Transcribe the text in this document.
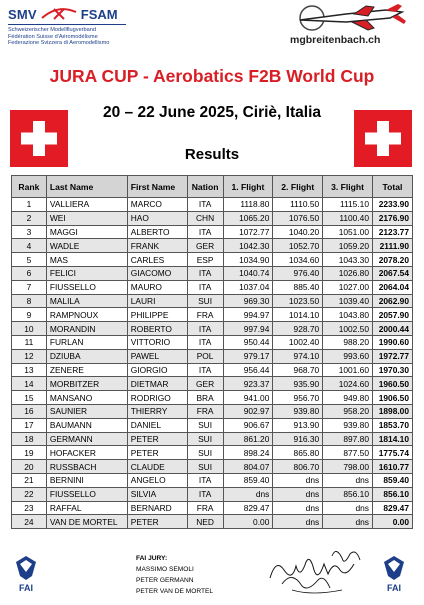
SMV	FSAM
Schweizerischer Modellflugverband
Fédération Suisse d'Aéromodélisme
Federazione Svizzera di Aeromodellismo	mgbreitenbach.ch
JURA CUP - Aerobatics F2B World Cup
20 – 22 June 2025, Ciriè, Italia
Results
Rank	Last Name	First Name	Nation	1. Flight	2. Flight	3. Flight	Total
1	VALLIERA	MARCO	ITA	1118.80	1110.50	1115.10	2233.90
2	WEI	HAO	CHN	1065.20	1076.50	1100.40	2176.90
3	MAGGI	ALBERTO	ITA	1072.77	1040.20	1051.00	2123.77
4	WADLE	FRANK	GER	1042.30	1052.70	1059.20	2111.90
5	MAS	CARLES	ESP	1034.90	1034.60	1043.30	2078.20
6	FELICI	GIACOMO	ITA	1040.74	976.40	1026.80	2067.54
7	FIUSSELLO	MAURO	ITA	1037.04	885.40	1027.00	2064.04
8	MALILA	LAURI	SUI	969.30	1023.50	1039.40	2062.90
9	RAMPNOUX	PHILIPPE	FRA	994.97	1014.10	1043.80	2057.90
10	MORANDIN	ROBERTO	ITA	997.94	928.70	1002.50	2000.44
11	FURLAN	VITTORIO	ITA	950.44	1002.40	988.20	1990.60
12	DZIUBA	PAWEL	POL	979.17	974.10	993.60	1972.77
13	ZENERE	GIORGIO	ITA	956.44	968.70	1001.60	1970.30
14	MORBITZER	DIETMAR	GER	923.37	935.90	1024.60	1960.50
15	MANSANO	RODRIGO	BRA	941.00	956.70	949.80	1906.50
16	SAUNIER	THIERRY	FRA	902.97	939.80	958.20	1898.00
17	BAUMANN	DANIEL	SUI	906.67	913.90	939.80	1853.70
18	GERMANN	PETER	SUI	861.20	916.30	897.80	1814.10
19	HOFACKER	PETER	SUI	898.24	865.80	877.50	1775.74
20	RUSSBACH	CLAUDE	SUI	804.07	806.70	798.00	1610.77
21	BERNINI	ANGELO	ITA	859.40	dns	dns	859.40
22	FIUSSELLO	SILVIA	ITA	dns	dns	856.10	856.10
23	RAFFAL	BERNARD	FRA	829.47	dns	dns	829.47
24	VAN DE MORTEL	PETER	NED	0.00	dns	dns	0.00
FAI
FAI JURY:
MASSIMO SEMOLI
PETER GERMANN
PETER VAN DE MORTEL	FAI
